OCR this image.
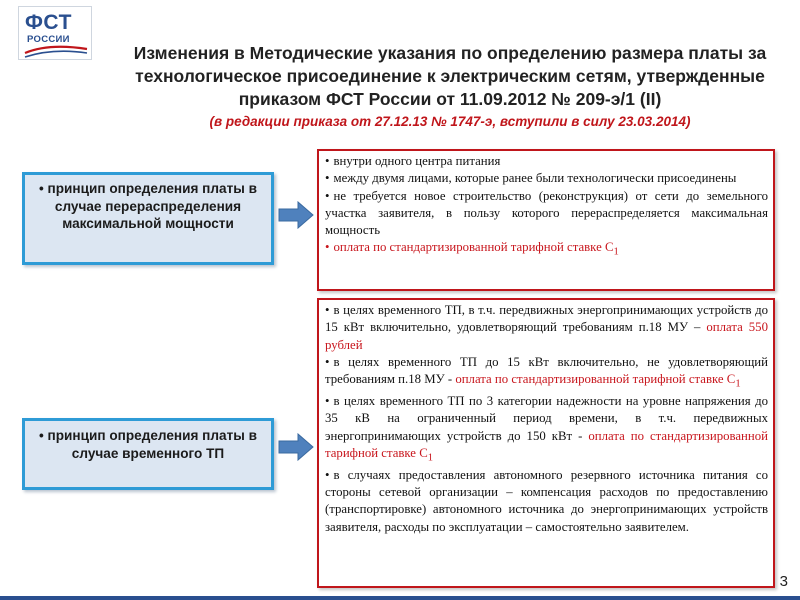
ФСТ
РОССИИ

Изменения в Методические указания по определению размера платы за технологическое присоединение к электрическим сетям, утвержденные приказом ФСТ России от 11.09.2012 № 209-э/1 (II)

(в редакции приказа от 27.12.13 № 1747-э, вступили в силу 23.03.2014)
• принцип определения платы в случае перераспределения максимальной мощности
• внутри одного центра питания
• между двумя лицами, которые ранее были технологически присоединены
• не требуется новое строительство (реконструкция) от сети до земельного участка заявителя, в пользу которого перераспределяется максимальная мощность
• оплата по стандартизированной тарифной ставке $С_1$
• принцип определения платы в случае временного ТП
• в целях временного ТП, в т.ч. передвижных энергопринимающих устройств до 15 кВт включительно, удовлетворяющий требованиям п.18 МУ – оплата 550 рублей
• в целях временного ТП до 15 кВт включительно, не удовлетворяющий требованиям п.18 МУ - оплата по стандартизированной тарифной ставке $С_1$
• в целях временного ТП по 3 категории надежности на уровне напряжения до 35 кВ на ограниченный период времени, в т.ч. передвижных энергопринимающих устройств до 150 кВт - оплата по стандартизированной тарифной ставке $С_1$
• в случаях предоставления автономного резервного источника питания со стороны сетевой организации – компенсация расходов по предоставлению (транспортировке) автономного источника до энергопринимающих устройств заявителя, расходы по эксплуатации – самостоятельно заявителем.
3
